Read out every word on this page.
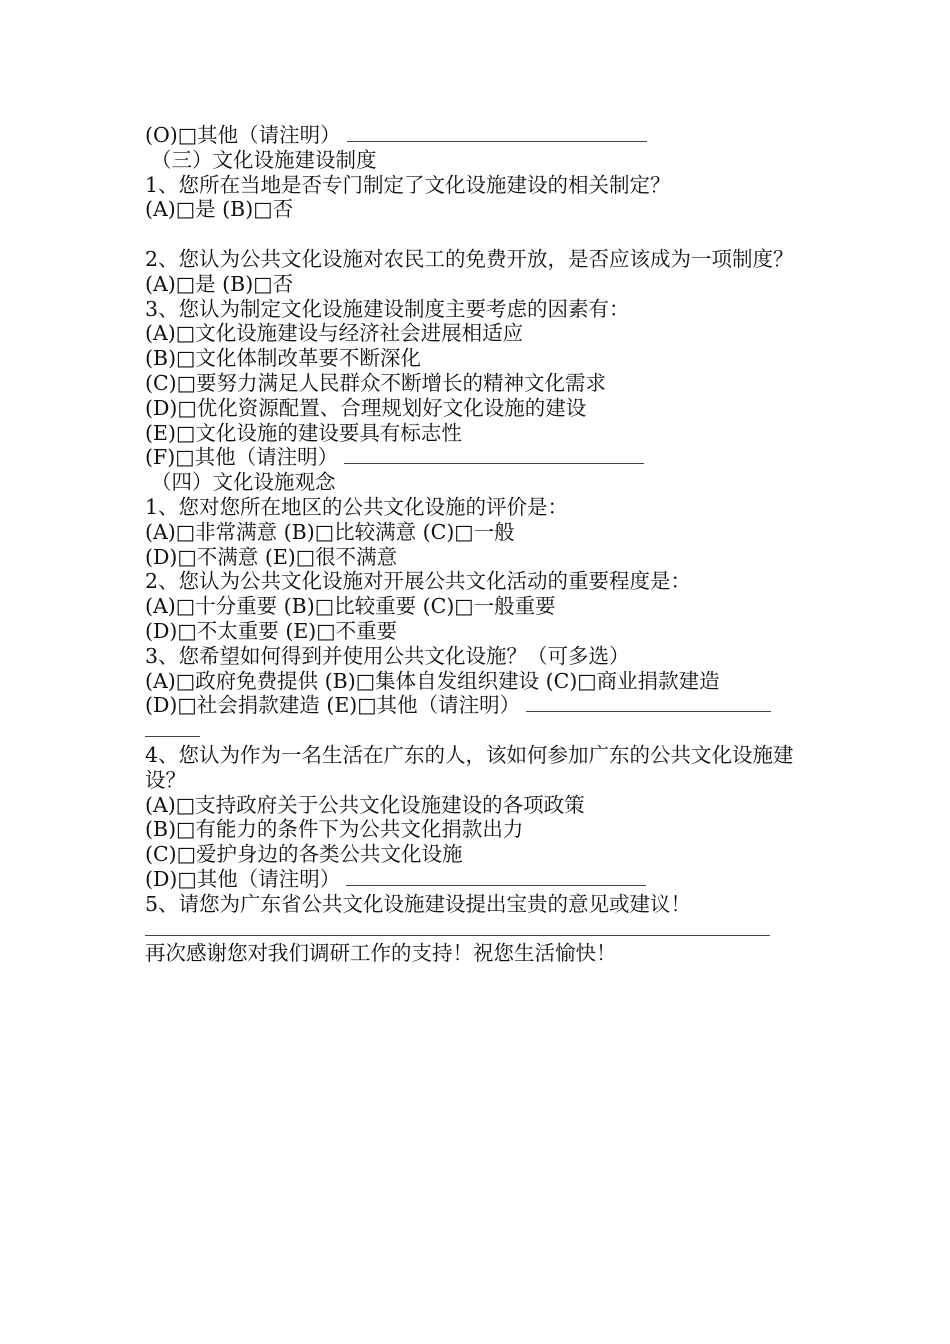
(O)□其他（请注明）
（三）文化设施建设制度
1、您所在当地是否专门制定了文化设施建设的相关制定？
(A)□是 (B)□否
2、您认为公共文化设施对农民工的免费开放，是否应该成为一项制度？
(A)□是 (B)□否
3、您认为制定文化设施建设制度主要考虑的因素有：
(A)□文化设施建设与经济社会进展相适应
(B)□文化体制改革要不断深化
(C)□要努力满足人民群众不断增长的精神文化需求
(D)□优化资源配置、合理规划好文化设施的建设
(E)□文化设施的建设要具有标志性
(F)□其他（请注明）
（四）文化设施观念
1、您对您所在地区的公共文化设施的评价是：
(A)□非常满意 (B)□比较满意 (C)□一般
(D)□不满意 (E)□很不满意
2、您认为公共文化设施对开展公共文化活动的重要程度是：
(A)□十分重要 (B)□比较重要 (C)□一般重要
(D)□不太重要 (E)□不重要
3、您希望如何得到并使用公共文化设施？（可多选）
(A)□政府免费提供 (B)□集体自发组织建设 (C)□商业捐款建造
(D)□社会捐款建造 (E)□其他（请注明）
4、您认为作为一名生活在广东的人，该如何参加广东的公共文化设施建设？
(A)□支持政府关于公共文化设施建设的各项政策
(B)□有能力的条件下为公共文化捐款出力
(C)□爱护身边的各类公共文化设施
(D)□其他（请注明）
5、请您为广东省公共文化设施建设提出宝贵的意见或建议！
再次感谢您对我们调研工作的支持！祝您生活愉快！
